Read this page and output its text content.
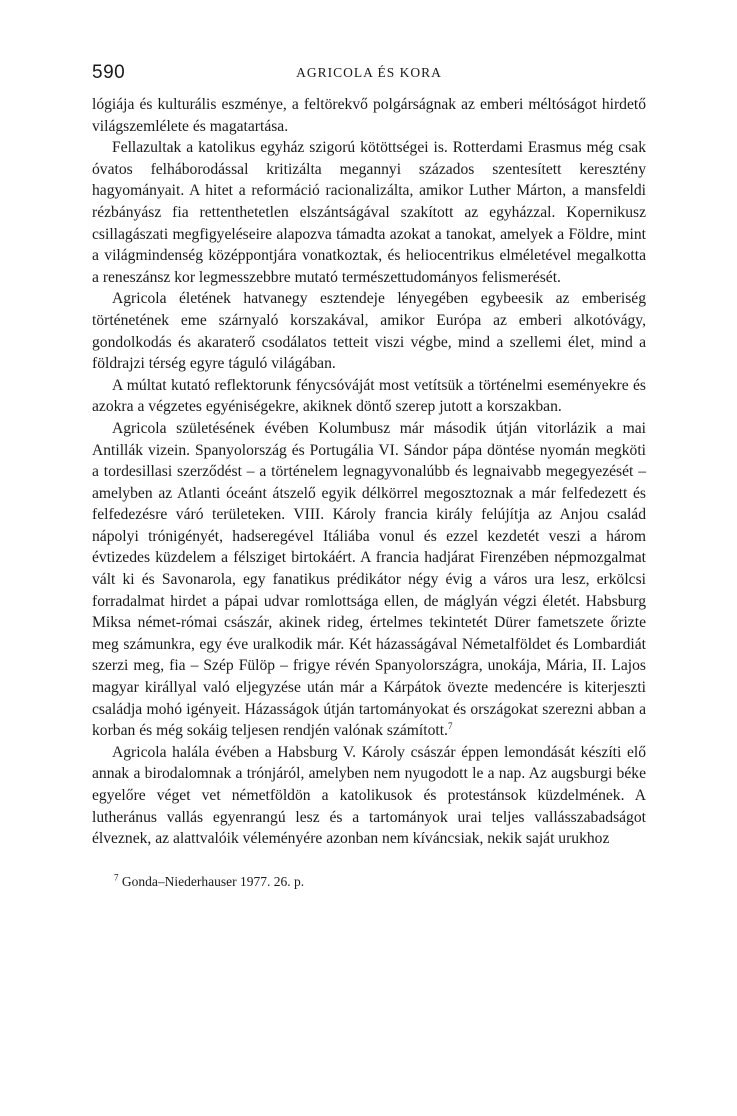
590	AGRICOLA ÉS KORA

lógiája és kulturális eszménye, a feltörekvő polgárságnak az emberi méltóságot hirdető világszemlélete és magatartása.

Fellazultak a katolikus egyház szigorú kötöttségei is. Rotterdami Erasmus még csak óvatos felháborodással kritizálta megannyi százados szentesített keresztény hagyományait. A hitet a reformáció racionalizálta, amikor Luther Márton, a mansfeldi rézbányász fia rettenthetetlen elszántságával szakított az egyházzal. Kopernikusz csillagászati megfigyeléseire alapozva támadta azokat a tanokat, amelyek a Földre, mint a világmindenség középpontjára vonatkoztak, és heliocentrikus elméletével megalkotta a reneszánsz kor legmesszebbre mutató természettudományos felismerését.

Agricola életének hatvanegy esztendeje lényegében egybeesik az emberiség történetének eme szárnyaló korszakával, amikor Európa az emberi alkotóvágy, gondolkodás és akaraterő csodálatos tetteit viszi végbe, mind a szellemi élet, mind a földrajzi térség egyre táguló világában.

A múltat kutató reflektorunk fénycsóváját most vetítsük a történelmi eseményekre és azokra a végzetes egyéniségekre, akiknek döntő szerep jutott a korszakban.

Agricola születésének évében Kolumbusz már második útján vitorlázik a mai Antillák vizein. Spanyolország és Portugália VI. Sándor pápa döntése nyomán megköti a tordesillasi szerződést – a történelem legnagyvonalúbb és legnaivabb megegyezését – amelyben az Atlanti óceánt átszelő egyik délkörrel megosztoznak a már felfedezett és felfedezésre váró területeken. VIII. Károly francia király felújítja az Anjou család nápolyi trónigényét, hadseregével Itáliába vonul és ezzel kezdetét veszi a három évtizedes küzdelem a félsziget birtokáért. A francia hadjárat Firenzében népmozgalmat vált ki és Savonarola, egy fanatikus prédikátor négy évig a város ura lesz, erkölcsi forradalmat hirdet a pápai udvar romlottsága ellen, de máglyán végzi életét. Habsburg Miksa német-római császár, akinek rideg, értelmes tekintetét Dürer fametszete őrizte meg számunkra, egy éve uralkodik már. Két házasságával Németalföldet és Lombardiát szerzi meg, fia – Szép Fülöp – frigye révén Spanyolországra, unokája, Mária, II. Lajos magyar királlyal való eljegyzése után már a Kárpátok övezte medencére is kiterjeszti családja mohó igényeit. Házasságok útján tartományokat és országokat szerezni abban a korban és még sokáig teljesen rendjén valónak számított.$^7$

Agricola halála évében a Habsburg V. Károly császár éppen lemondását készíti elő annak a birodalomnak a trónjáról, amelyben nem nyugodott le a nap. Az augsburgi béke egyelőre véget vet németföldön a katolikusok és protestánsok küzdelmének. A lutheránus vallás egyenrangú lesz és a tartományok urai teljes vallásszabadságot élveznek, az alattvalóik véleményére azonban nem kíváncsiak, nekik saját urukhoz

$^7$ Gonda–Niederhauser 1977. 26. p.
